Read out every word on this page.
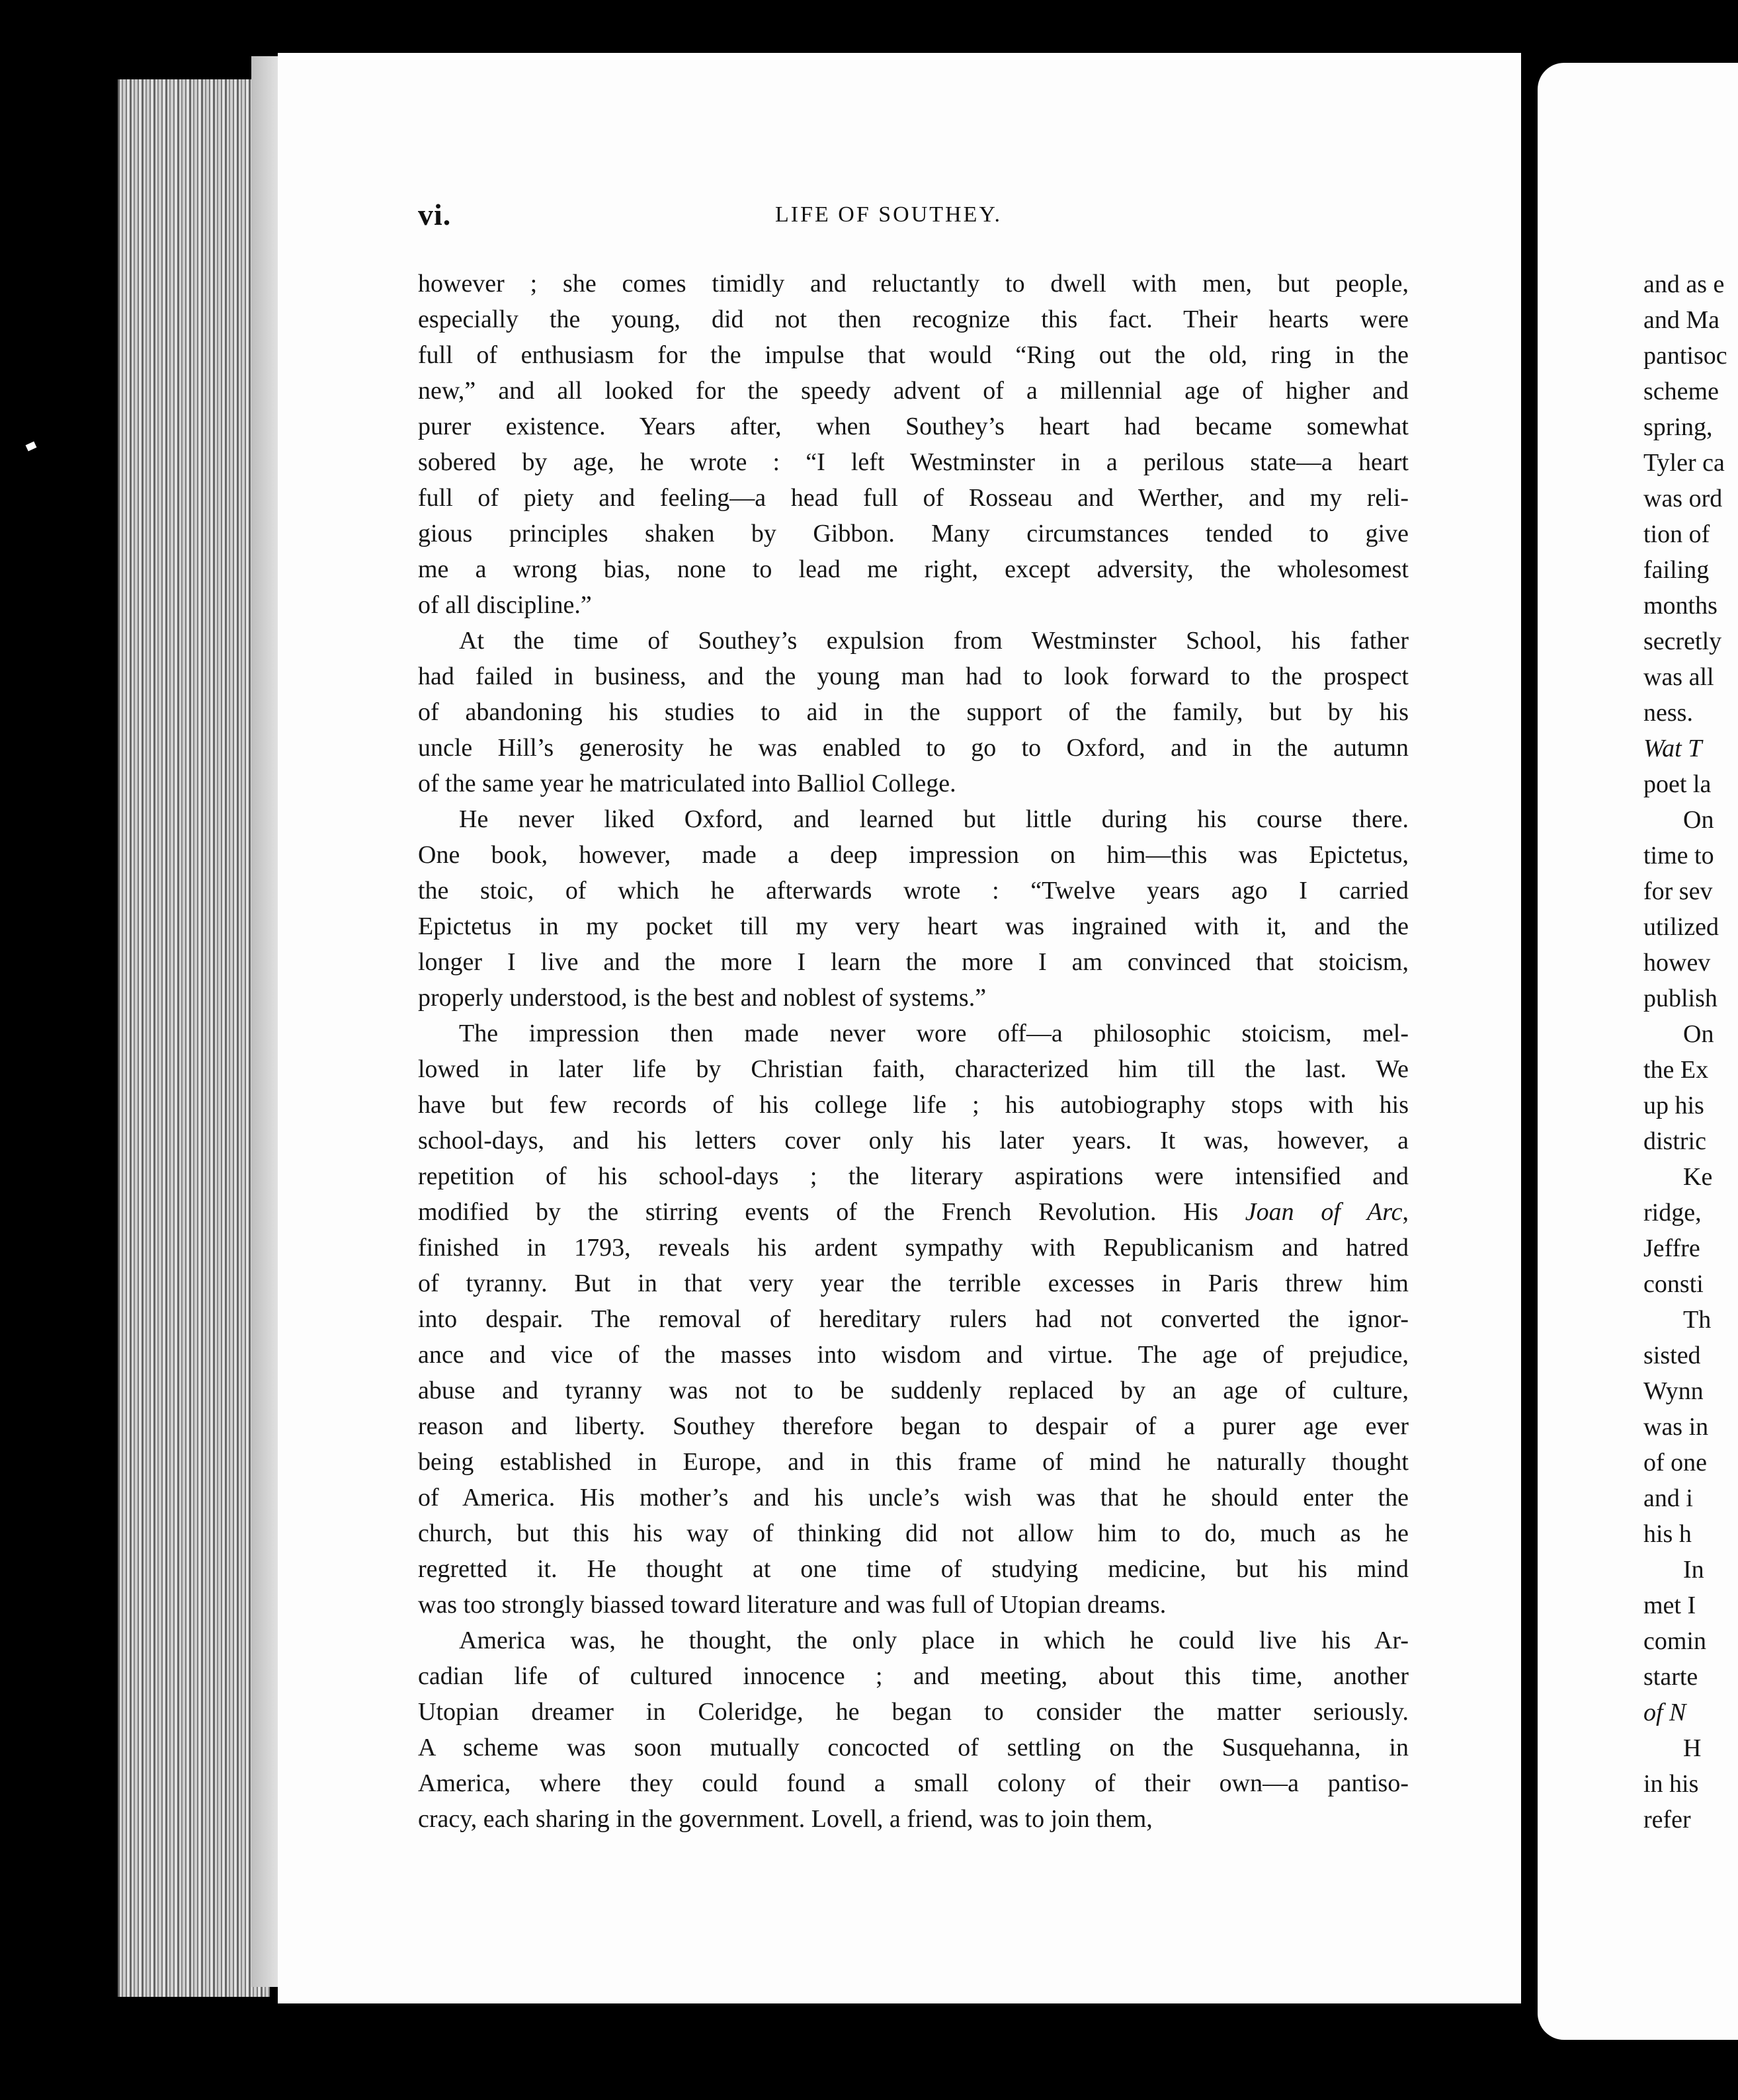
vi.	LIFE OF SOUTHEY.
however ; she comes timidly and reluctantly to dwell with men, but people,
especially the young, did not then recognize this fact. Their hearts were
full of enthusiasm for the impulse that would “Ring out the old, ring in the
new,” and all looked for the speedy advent of a millennial age of higher and
purer existence. Years after, when Southey’s heart had became somewhat
sobered by age, he wrote : “I left Westminster in a perilous state—a heart
full of piety and feeling—a head full of Rosseau and Werther, and my reli-
gious principles shaken by Gibbon. Many circumstances tended to give
me a wrong bias, none to lead me right, except adversity, the wholesomest
of all discipline.”
At the time of Southey’s expulsion from Westminster School, his father
had failed in business, and the young man had to look forward to the prospect
of abandoning his studies to aid in the support of the family, but by his
uncle Hill’s generosity he was enabled to go to Oxford, and in the autumn
of the same year he matriculated into Balliol College.
He never liked Oxford, and learned but little during his course there.
One book, however, made a deep impression on him—this was Epictetus,
the stoic, of which he afterwards wrote : “Twelve years ago I carried
Epictetus in my pocket till my very heart was ingrained with it, and the
longer I live and the more I learn the more I am convinced that stoicism,
properly understood, is the best and noblest of systems.”
The impression then made never wore off—a philosophic stoicism, mel-
lowed in later life by Christian faith, characterized him till the last. We
have but few records of his college life ; his autobiography stops with his
school-days, and his letters cover only his later years. It was, however, a
repetition of his school-days ; the literary aspirations were intensified and
modified by the stirring events of the French Revolution. His Joan of Arc,
finished in 1793, reveals his ardent sympathy with Republicanism and hatred
of tyranny. But in that very year the terrible excesses in Paris threw him
into despair. The removal of hereditary rulers had not converted the ignor-
ance and vice of the masses into wisdom and virtue. The age of prejudice,
abuse and tyranny was not to be suddenly replaced by an age of culture,
reason and liberty. Southey therefore began to despair of a purer age ever
being established in Europe, and in this frame of mind he naturally thought
of America. His mother’s and his uncle’s wish was that he should enter the
church, but this his way of thinking did not allow him to do, much as he
regretted it. He thought at one time of studying medicine, but his mind
was too strongly biassed toward literature and was full of Utopian dreams.
America was, he thought, the only place in which he could live his Ar-
cadian life of cultured innocence ; and meeting, about this time, another
Utopian dreamer in Coleridge, he began to consider the matter seriously.
A scheme was soon mutually concocted of settling on the Susquehanna, in
America, where they could found a small colony of their own—a pantiso-
cracy, each sharing in the government. Lovell, a friend, was to join them,
and as e
and Ma
pantisoc
scheme
spring,
Tyler ca
was ord
tion of
failing
months
secretly
was all
ness.
Wat T
poet la
On
time to
for sev
utilized
howev
publish
On
the Ex
up his
distric
Ke
ridge,
Jeffre
consti
Th
sisted
Wynn
was in
of one
and i
his h
In
met I
comin
starte
of N
H
in his
refer
